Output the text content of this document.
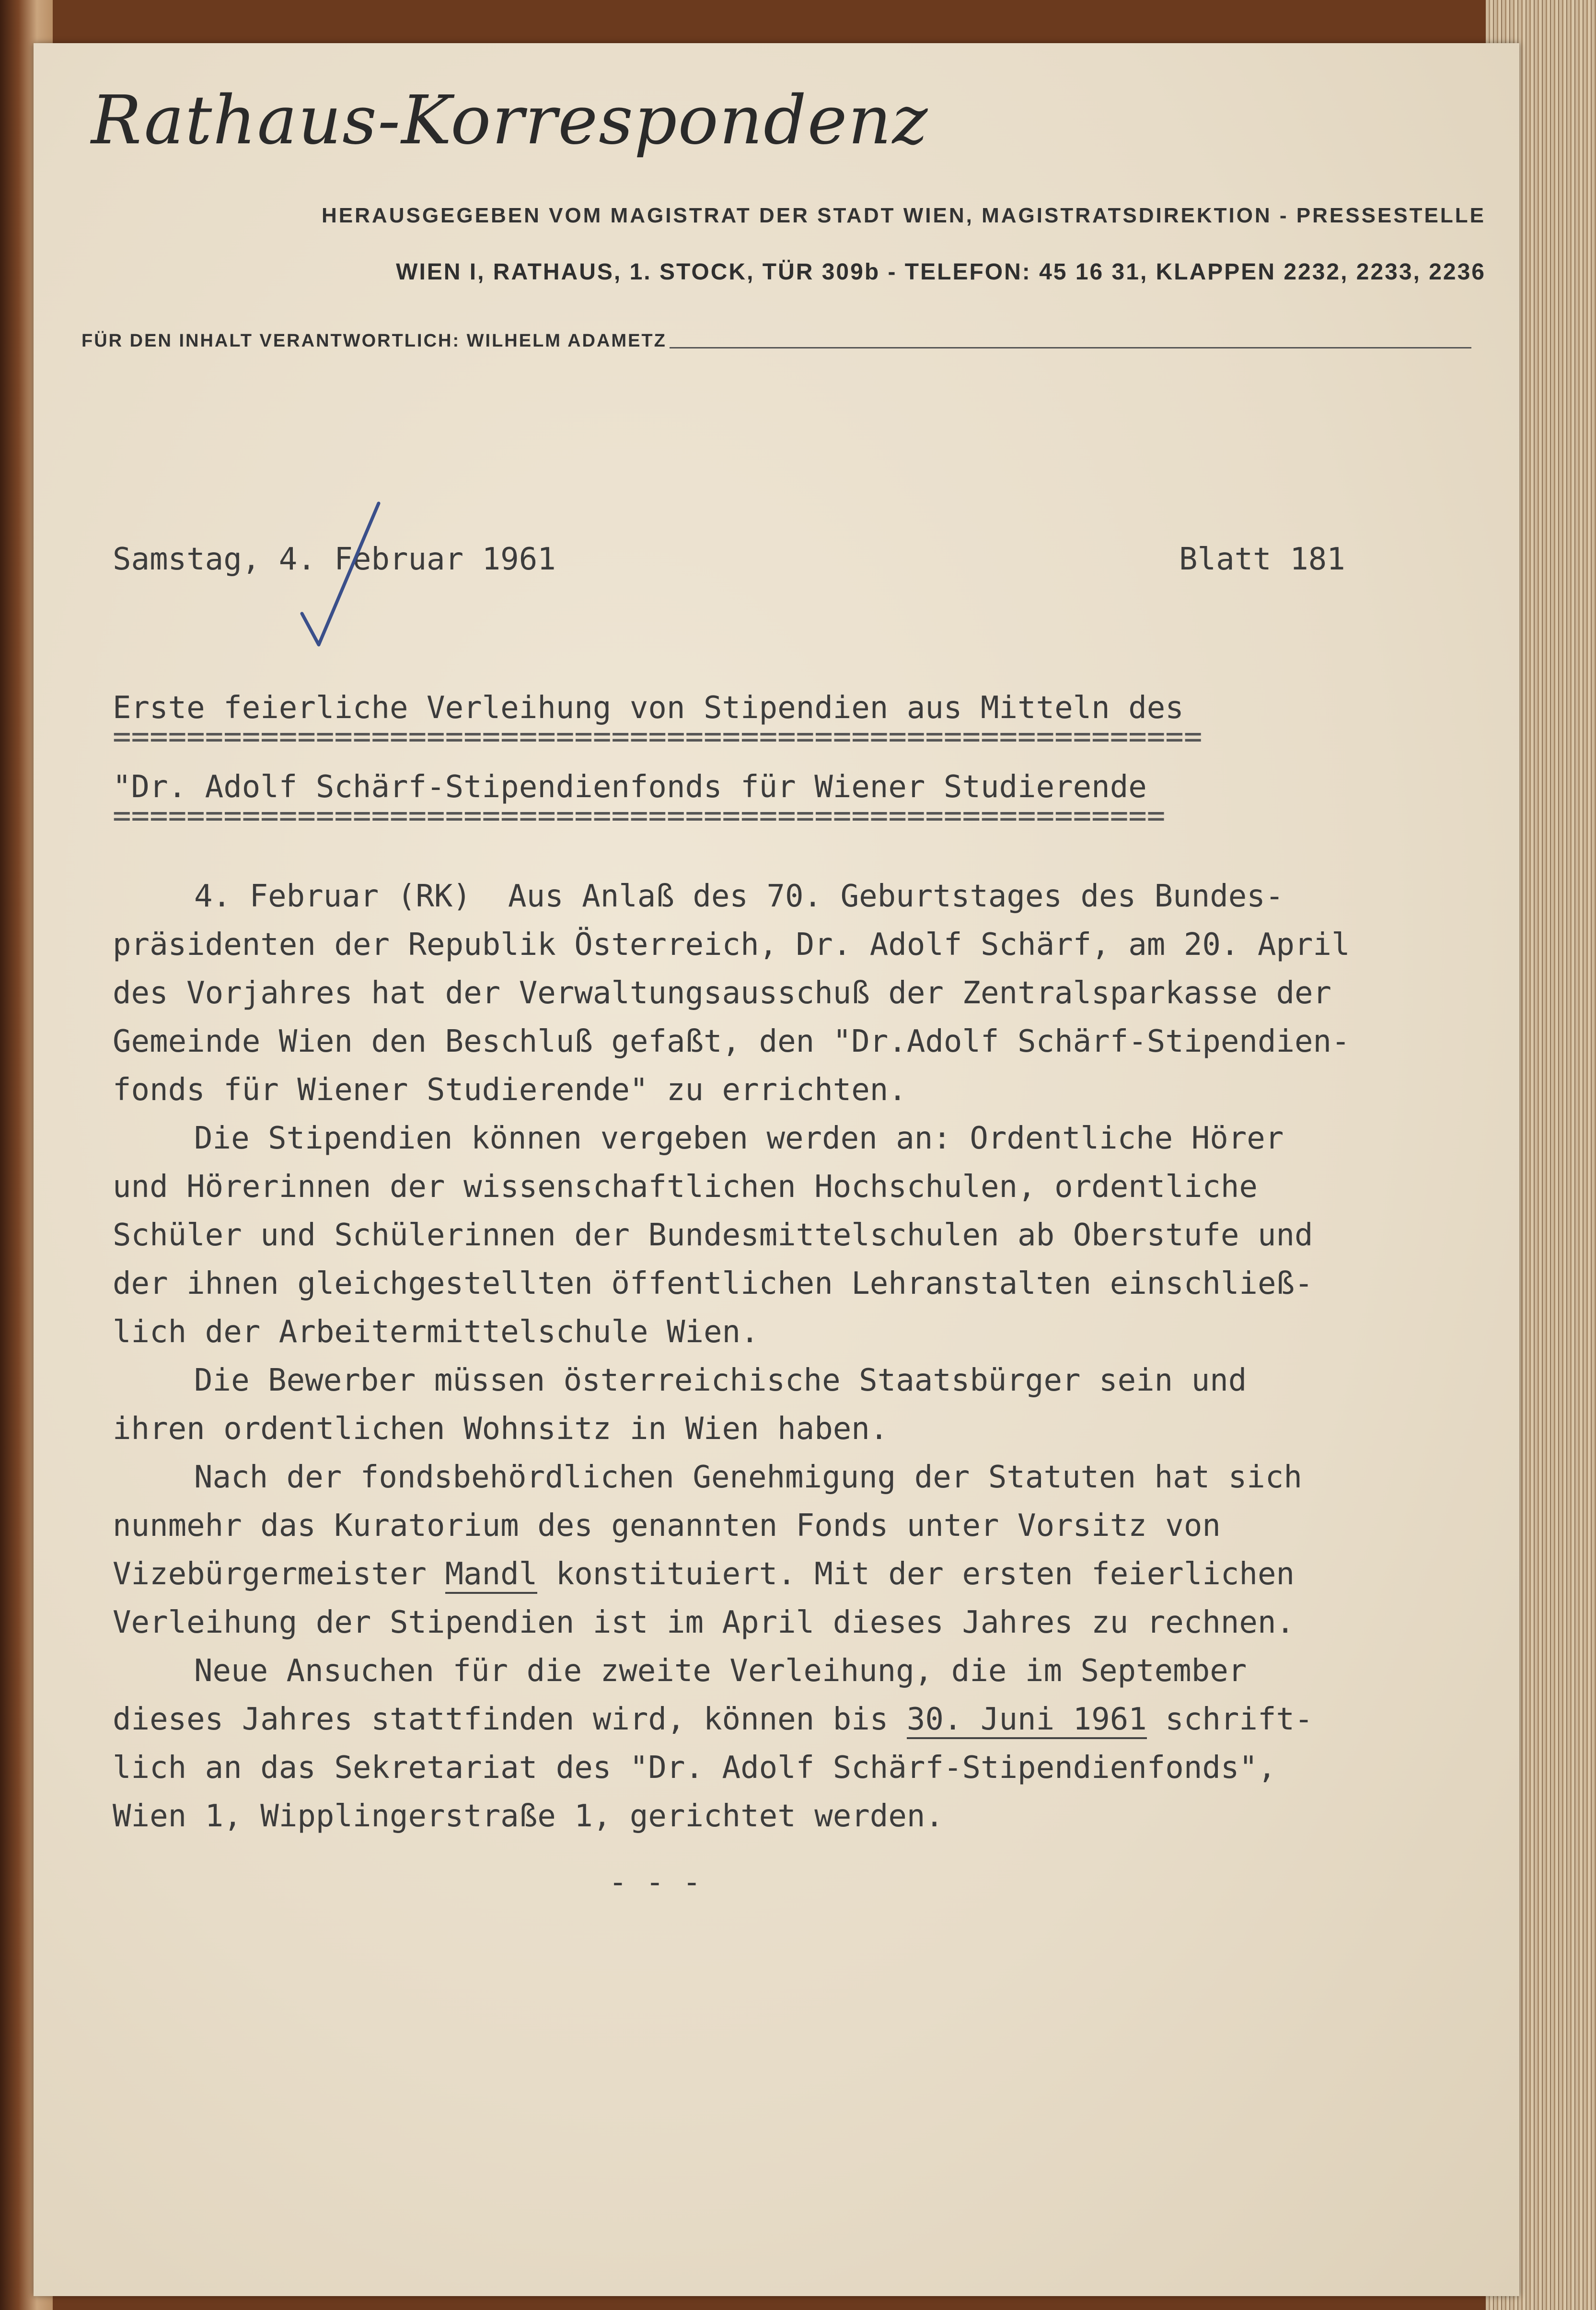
Rathaus-Korrespondenz
HERAUSGEGEBEN VOM MAGISTRAT DER STADT WIEN, MAGISTRATSDIREKTION - PRESSESTELLE
WIEN I, RATHAUS, 1. STOCK, TÜR 309b - TELEFON: 45 16 31, KLAPPEN 2232, 2233, 2236
FÜR DEN INHALT VERANTWORTLICH: WILHELM ADAMETZ
Samstag, 4. Februar 1961	Blatt 181
Erste feierliche Verleihung von Stipendien aus Mitteln des
===========================================================
"Dr. Adolf Schärf-Stipendienfonds für Wiener Studierende
=========================================================
4. Februar (RK)  Aus Anlaß des 70. Geburtstages des Bundes-
präsidenten der Republik Österreich, Dr. Adolf Schärf, am 20. April
des Vorjahres hat der Verwaltungsausschuß der Zentralsparkasse der
Gemeinde Wien den Beschluß gefaßt, den "Dr.Adolf Schärf-Stipendien-
fonds für Wiener Studierende" zu errichten.
Die Stipendien können vergeben werden an: Ordentliche Hörer
und Hörerinnen der wissenschaftlichen Hochschulen, ordentliche
Schüler und Schülerinnen der Bundesmittelschulen ab Oberstufe und
der ihnen gleichgestellten öffentlichen Lehranstalten einschließ-
lich der Arbeitermittelschule Wien.
Die Bewerber müssen österreichische Staatsbürger sein und
ihren ordentlichen Wohnsitz in Wien haben.
Nach der fondsbehördlichen Genehmigung der Statuten hat sich
nunmehr das Kuratorium des genannten Fonds unter Vorsitz von
Vizebürgermeister Mandl konstituiert. Mit der ersten feierlichen
Verleihung der Stipendien ist im April dieses Jahres zu rechnen.
Neue Ansuchen für die zweite Verleihung, die im September
dieses Jahres stattfinden wird, können bis 30. Juni 1961 schrift-
lich an das Sekretariat des "Dr. Adolf Schärf-Stipendienfonds",
Wien 1, Wipplingerstraße 1, gerichtet werden.
- - -
